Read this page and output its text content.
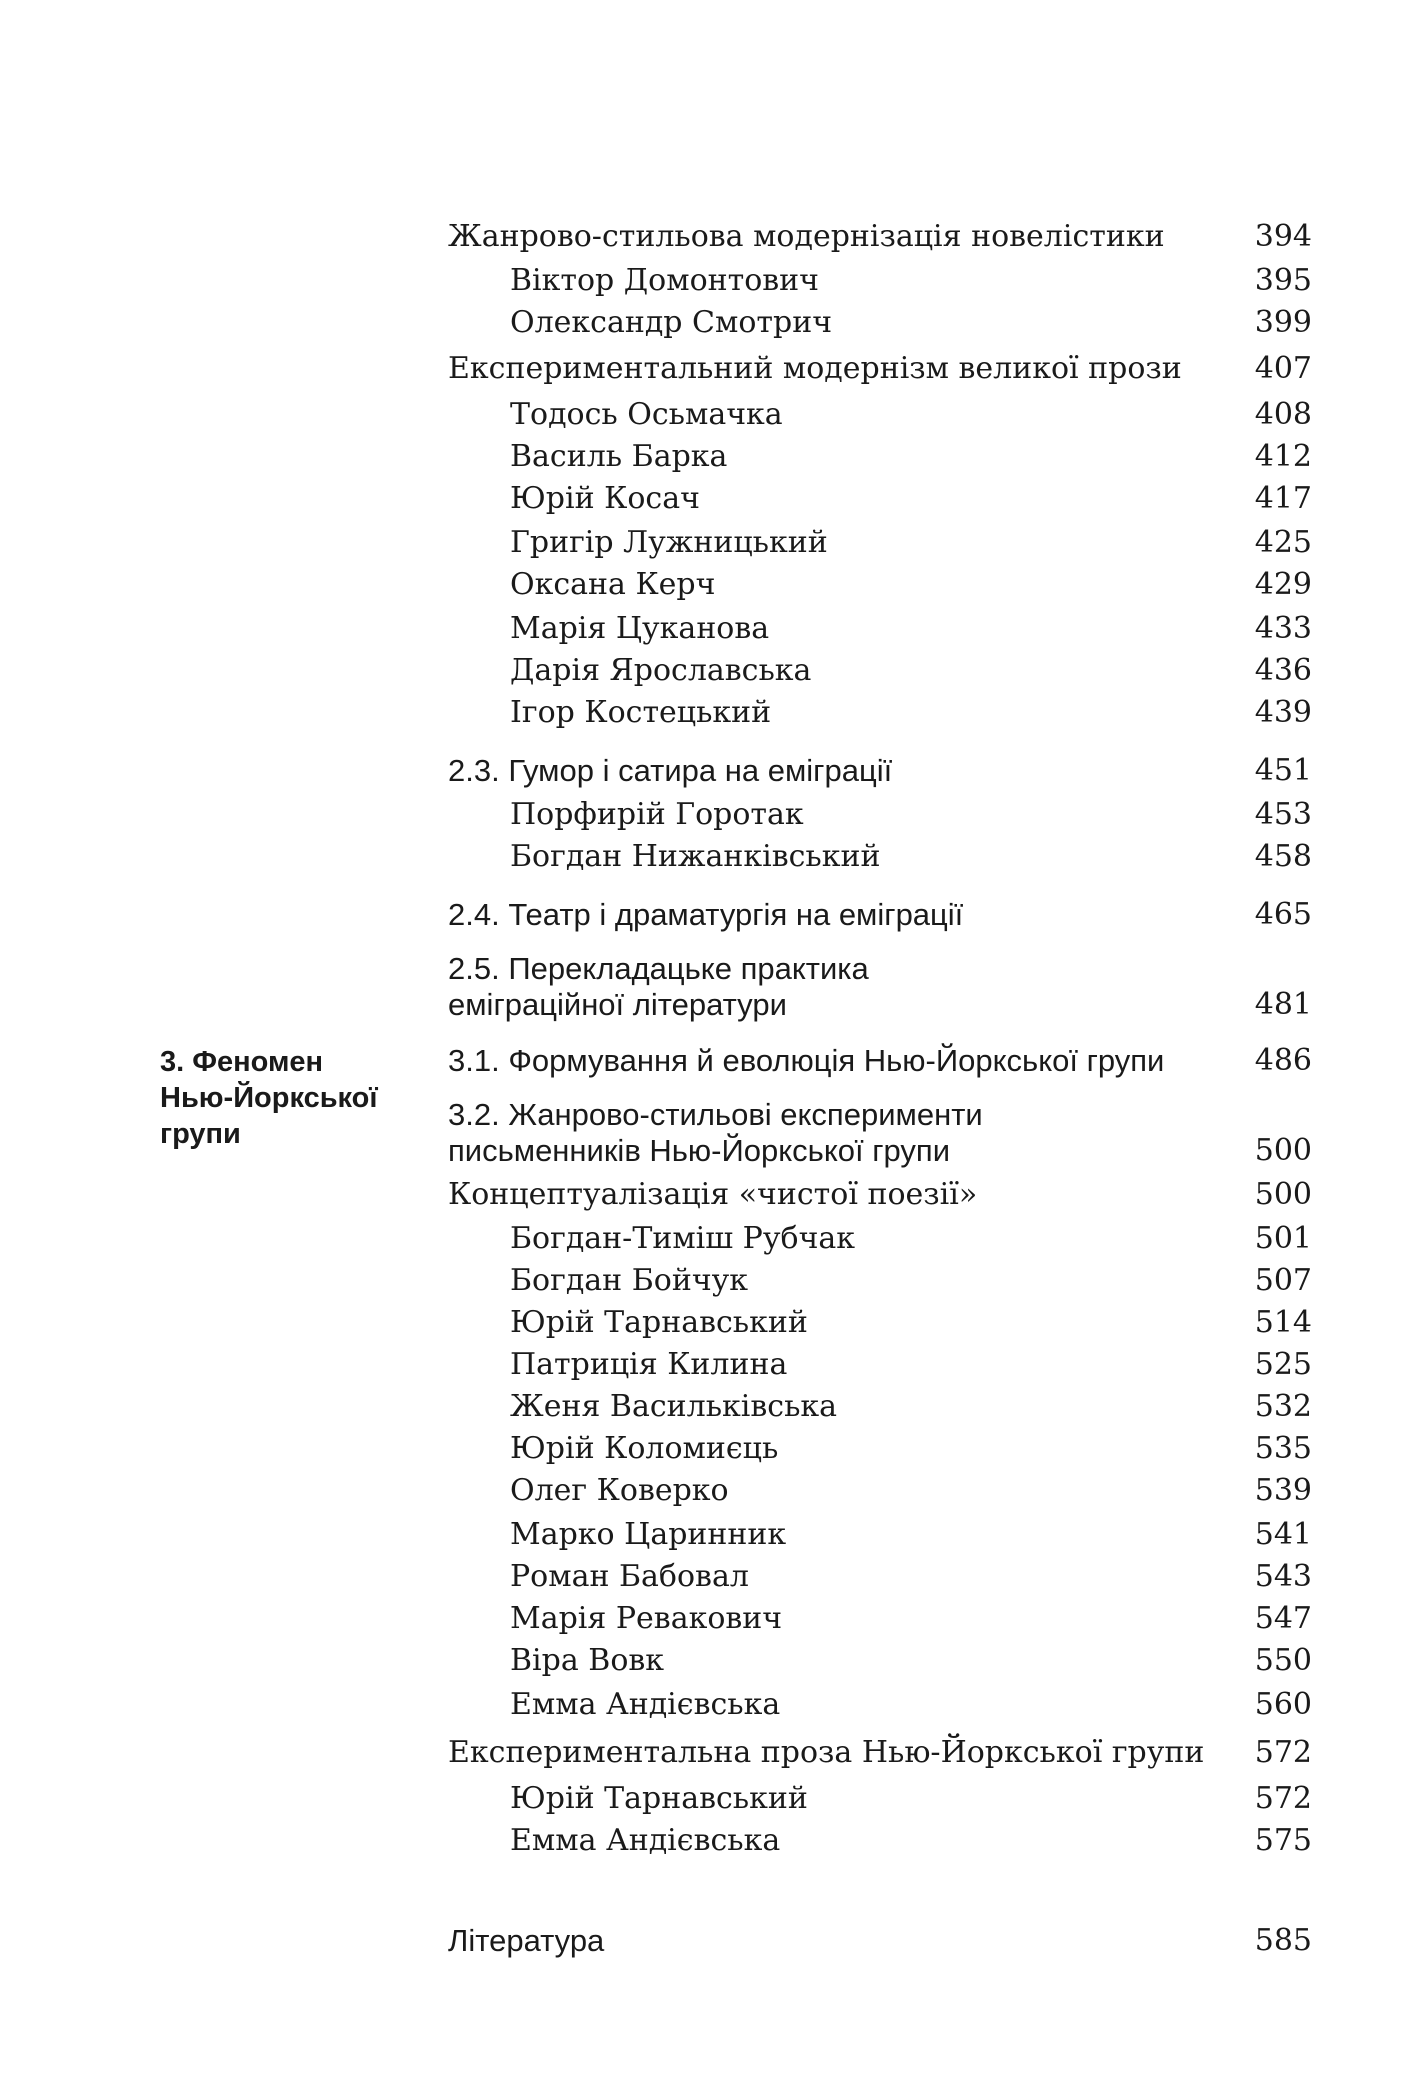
3. Феномен
Нью-Йоркської
групи
Жанрово-стильова модернізація новелістики	394
Віктор Домонтович	395
Олександр Смотрич	399
Експериментальний модернізм великої прози 407
Тодось Осьмачка	408
Василь Барка	412
Юрій Косач	417
Григір Лужницький	425
Оксана Керч	429
Марія Цуканова	433
Дарія Ярославська	436
Ігор Костецький	439
2.3. Гумор і сатира на еміграції	451
Порфирій Горотак	453
Богдан Нижанківський	458
2.4. Театр і драматургія на еміграції	465
2.5. Перекладацьке практика
еміграційної літератури	481
3.1. Формування й еволюція Нью-Йоркської групи	486
3.2. Жанрово-стильові експерименти
письменників Нью-Йоркської групи	500
Концептуалізація «чистої поезії»	500
Богдан-Тиміш Рубчак	501
Богдан Бойчук	507
Юрій Тарнавський	514
Патриція Килина	525
Женя Васильківська	532
Юрій Коломиєць	535
Олег Коверко	539
Марко Царинник	541
Роман Бабовал	543
Марія Ревакович	547
Віра Вовк	550
Емма Андієвська	560
Експериментальна проза Нью-Йоркської групи 572
Юрій Тарнавський	572
Емма Андієвська	575
Література	585
